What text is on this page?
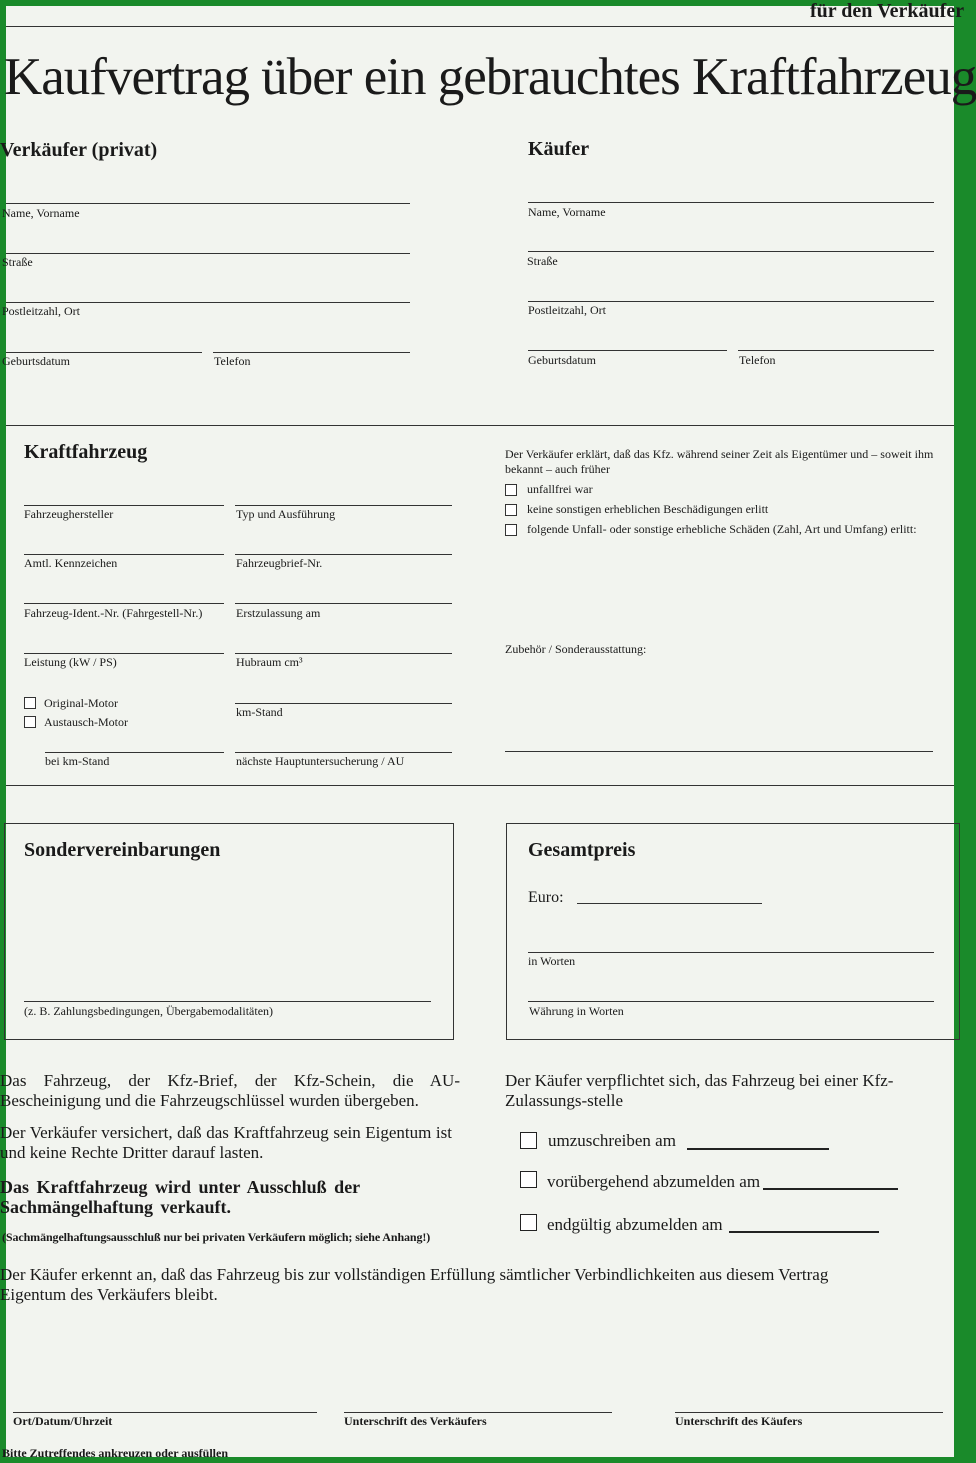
für den Verkäufer
Kaufvertrag über ein gebrauchtes Kraftfahrzeug
Verkäufer (privat)
Name, Vorname
Straße
Postleitzahl, Ort
Geburtsdatum	Telefon
Käufer
Name, Vorname
Straße
Postleitzahl, Ort
Geburtsdatum	Telefon
Kraftfahrzeug
Fahrzeughersteller	Typ und Ausführung
Amtl. Kennzeichen	Fahrzeugbrief-Nr.
Fahrzeug-Ident.-Nr. (Fahrgestell-Nr.)	Erstzulassung am
Leistung (kW / PS)	Hubraum cm³
Original-Motor
Austausch-Motor
km-Stand
bei km-Stand	nächste Hauptuntersucherung / AU
Der Verkäufer erklärt, daß das Kfz. während seiner Zeit als Eigentümer und – soweit ihm bekannt – auch früher
unfallfrei war
keine sonstigen erheblichen Beschädigungen erlitt
folgende Unfall- oder sonstige erhebliche Schäden (Zahl, Art und Umfang) erlitt:
Zubehör / Sonderausstattung:
Sondervereinbarungen
(z. B. Zahlungsbedingungen, Übergabemodalitäten)
Gesamtpreis
Euro:
in Worten
Währung in Worten
Das Fahrzeug, der Kfz-Brief, der Kfz-Schein, die AU-Bescheinigung und die Fahrzeugschlüssel wurden übergeben.
Der Verkäufer versichert, daß das Kraftfahrzeug sein Eigentum ist und keine Rechte Dritter darauf lasten.
Das Kraftfahrzeug wird unter Ausschluß der Sachmängelhaftung verkauft.
(Sachmängelhaftungsausschluß nur bei privaten Verkäufern möglich; siehe Anhang!)
Der Käufer verpflichtet sich, das Fahrzeug bei einer Kfz-Zulassungs-stelle
umzuschreiben am
vorübergehend abzumelden am
endgültig abzumelden am
Der Käufer erkennt an, daß das Fahrzeug bis zur vollständigen Erfüllung sämtlicher Verbindlichkeiten aus diesem Vertrag Eigentum des Verkäufers bleibt.
Ort/Datum/Uhrzeit	Unterschrift des Verkäufers	Unterschrift des Käufers
Bitte Zutreffendes ankreuzen oder ausfüllen
